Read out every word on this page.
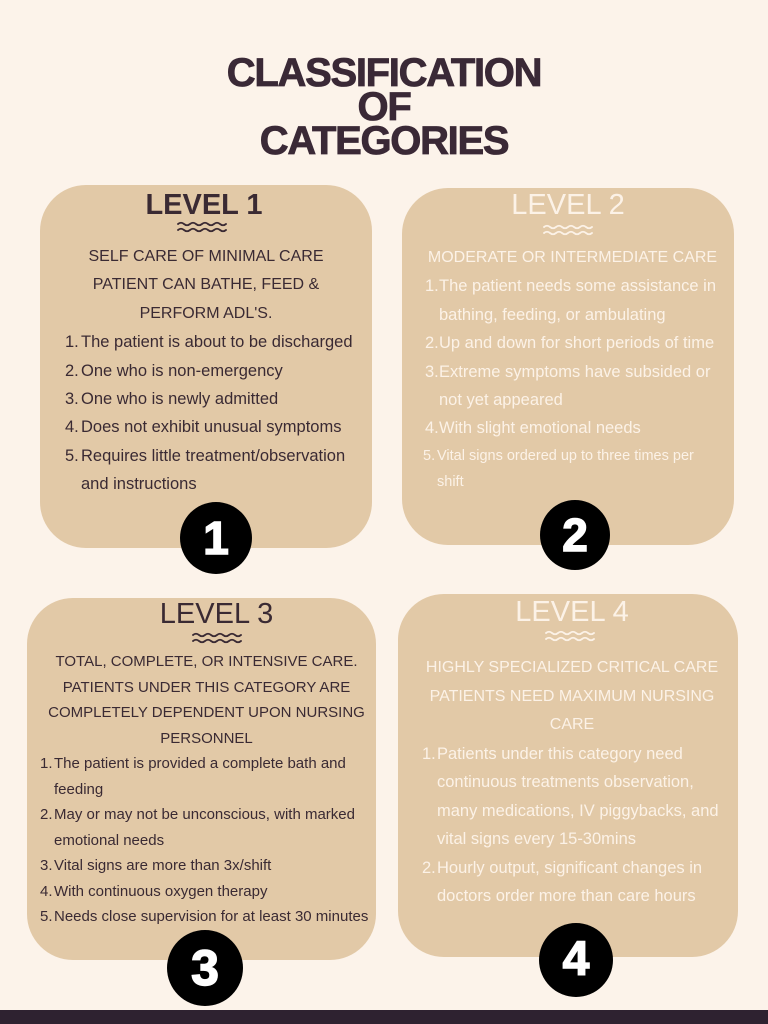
CLASSIFICATION
OF
CATEGORIES
LEVEL 1
SELF CARE OF MINIMAL CARE
PATIENT CAN BATHE, FEED &
PERFORM ADL'S.
1. The patient is about to be discharged
2. One who is non-emergency
3. One who is newly admitted
4. Does not exhibit unusual symptoms
5. Requires little treatment/observation
and instructions
LEVEL 2
MODERATE OR INTERMEDIATE CARE
1. The patient needs some assistance in
bathing, feeding, or ambulating
2. Up and down for short periods of time
3. Extreme symptoms have subsided or
not yet appeared
4. With slight emotional needs
5. Vital signs ordered up to three times per
shift
LEVEL 3
TOTAL, COMPLETE, OR INTENSIVE CARE.
PATIENTS UNDER THIS CATEGORY ARE
COMPLETELY DEPENDENT UPON NURSING
PERSONNEL
1. The patient is provided a complete bath and
feeding
2. May or may not be unconscious, with marked
emotional needs
3. Vital signs are more than 3x/shift
4. With continuous oxygen therapy
5. Needs close supervision for at least 30 minutes
LEVEL 4
HIGHLY SPECIALIZED CRITICAL CARE
PATIENTS NEED MAXIMUM NURSING
CARE
1. Patients under this category need
continuous treatments observation,
many medications, IV piggybacks, and
vital signs every 15-30mins
2. Hourly output, significant changes in
doctors order more than care hours
1	2
3	4
